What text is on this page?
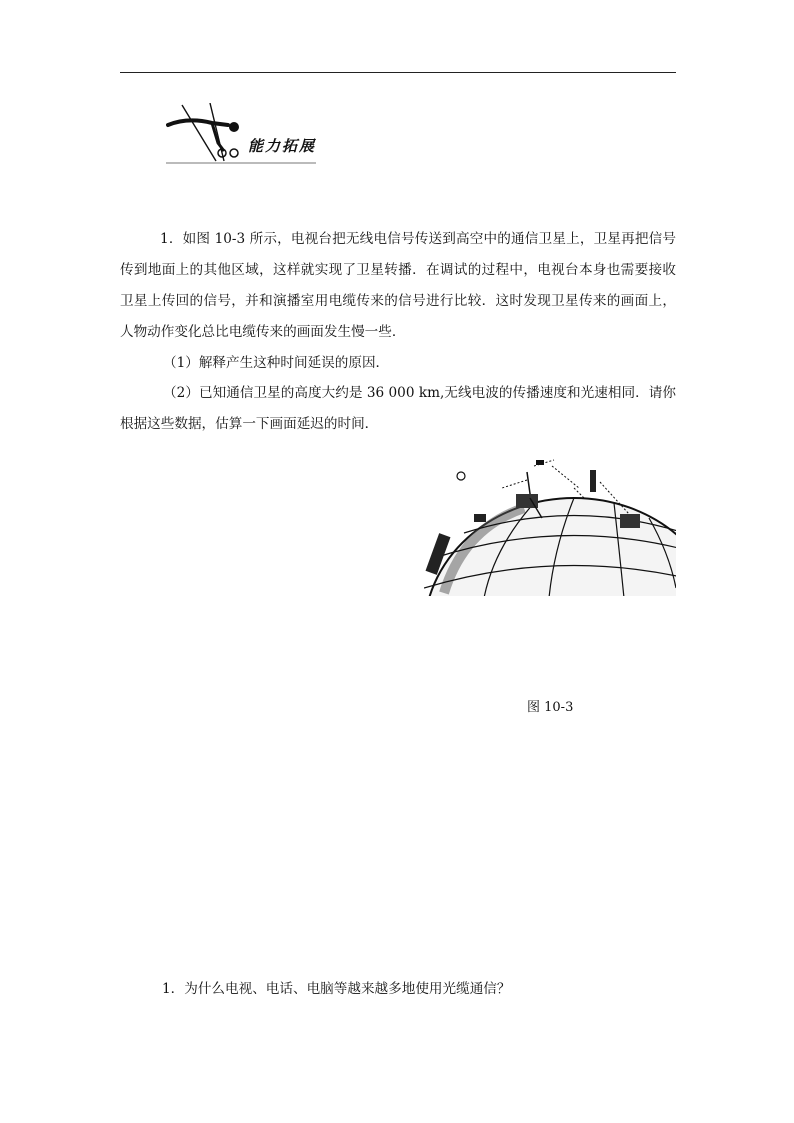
能力拓展
1．如图 10-3 所示，电视台把无线电信号传送到高空中的通信卫星上，卫星再把信号传到地面上的其他区域，这样就实现了卫星转播．在调试的过程中，电视台本身也需要接收卫星上传回的信号，并和演播室用电缆传来的信号进行比较．这时发现卫星传来的画面上，人物动作变化总比电缆传来的画面发生慢一些．
（1）解释产生这种时间延误的原因．
（2）已知通信卫星的高度大约是 36 000 km,无线电波的传播速度和光速相同．请你根据这些数据，估算一下画面延迟的时间．
图 10-3
1．为什么电视、电话、电脑等越来越多地使用光缆通信？
